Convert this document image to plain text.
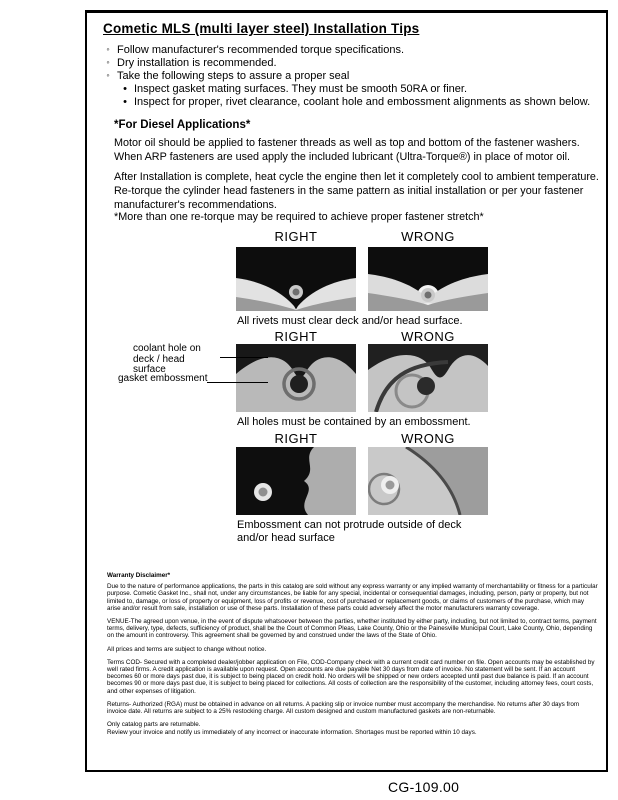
Cometic MLS (multi layer steel) Installation Tips
◦
Follow manufacturer's recommended torque specifications.
◦
Dry installation is recommended.
◦
Take the following steps to assure a proper seal
•
Inspect gasket mating surfaces. They must be smooth 50RA or finer.
•
Inspect for proper, rivet clearance, coolant hole and embossment alignments as shown below.
*For Diesel Applications*
Motor oil should be applied to fastener threads as well as top and bottom of the fastener washers. When ARP fasteners are used apply the included lubricant (Ultra-Torque®) in place of motor oil.
After Installation is complete, heat cycle the engine then let it completely cool to ambient temperature. Re-torque the cylinder head fasteners in the same pattern as initial installation or per your fastener manufacturer's recommendations.
*More than one re-torque may be required to achieve proper fastener stretch*
RIGHT	WRONG
All rivets must clear deck and/or head surface.
RIGHT	WRONG
coolant hole on deck / head surface
gasket embossment
All holes must be contained by an embossment.
RIGHT	WRONG
Embossment can not protrude outside of deck and/or head surface
Warranty Disclaimer*

Due to the nature of performance applications, the parts in this catalog are sold without any express warranty or any implied warranty of merchantability or fitness for a particular purpose. Cometic Gasket Inc., shall not, under any circumstances, be liable for any special, incidental or consequential damages, including, person, party or property, but not limited to, damage, or loss of property or equipment, loss of profits or revenue, cost of purchased or replacement goods, or claims of customers of the purchase, which may arise and/or result from sale, installation or use of these parts. Installation of these parts could adversely affect the motor manufacturers warranty coverage.

VENUE-The agreed upon venue, in the event of dispute whatsoever between the parties, whether instituted by either party, including, but not limited to, contract terms, payment terms, delivery, type, defects, sufficiency of product, shall be the Court of Common Pleas, Lake County, Ohio or the Painesville Municipal Court, Lake County, Ohio, depending on the amount in controversy. This agreement shall be governed by and construed under the laws of the State of Ohio.

All prices and terms are subject to change without notice.

Terms COD- Secured with a completed dealer/jobber application on File, COD-Company check with a current credit card number on file. Open accounts may be established by well rated firms. A credit application is available upon request. Open accounts are due payable Net 30 days from date of invoice. No statement will be sent. If an account becomes 60 or more days past due, it is subject to being placed on credit hold. No orders will be shipped or new orders accepted until past due balance is paid. If an account becomes 90 or more days past due, it is subject to being placed for collections. All costs of collection are the responsibility of the customer, including attorney fees, court costs, and other expenses of litigation.

Returns- Authorized (RGA) must be obtained in advance on all returns. A packing slip or invoice number must accompany the merchandise. No returns after 30 days from invoice date. All returns are subject to a 25% restocking charge. All custom designed and custom manufactured gaskets are non-returnable.

Only catalog parts are returnable.

Review your invoice and notify us immediately of any incorrect or inaccurate information. Shortages must be reported within 10 days.

CG-109.00
